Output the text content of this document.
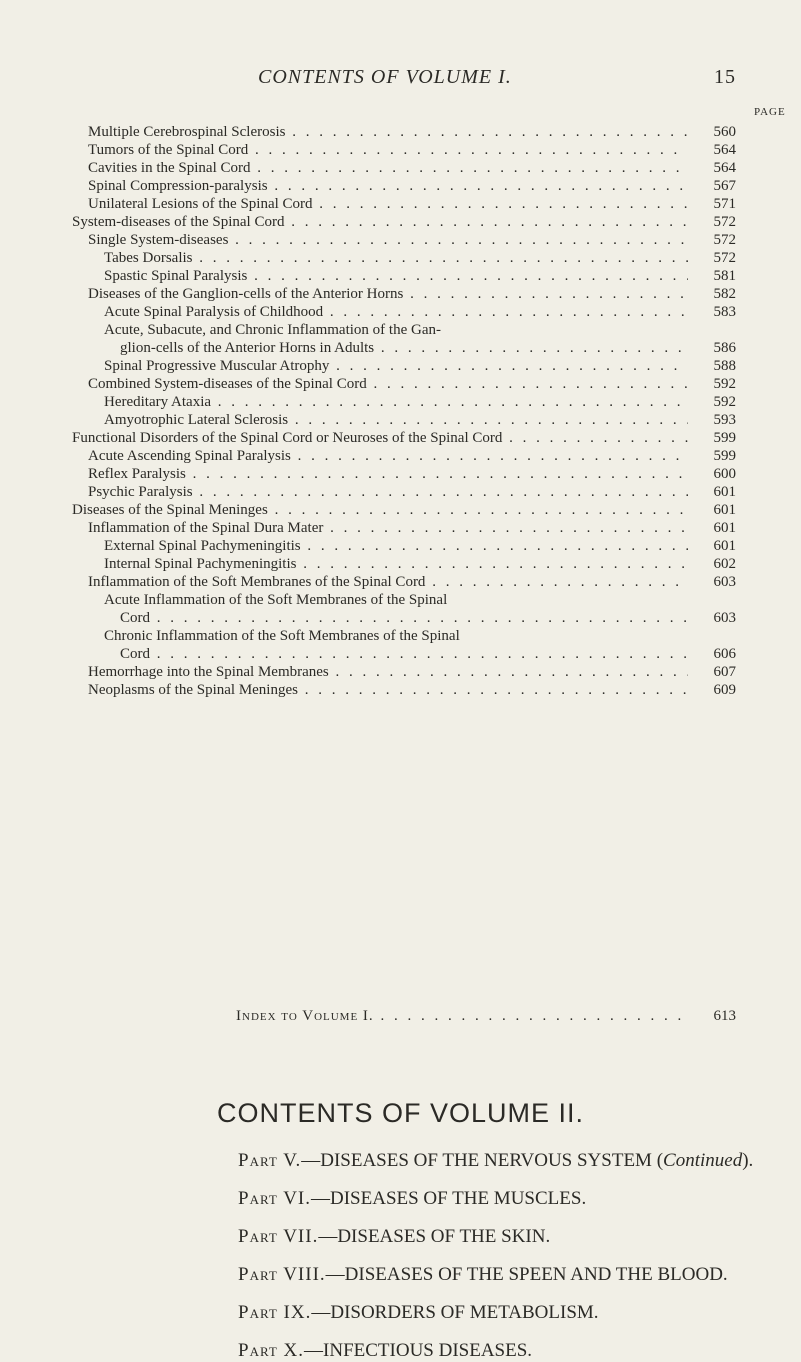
CONTENTS OF VOLUME I.	15
PAGE
Multiple Cerebrospinal Sclerosis . . .	560
Tumors of the Spinal Cord . . .	564
Cavities in the Spinal Cord . . .	564
Spinal Compression-paralysis . . .	567
Unilateral Lesions of the Spinal Cord . . .	571
System-diseases of the Spinal Cord . . .	572
Single System-diseases . . .	572
Tabes Dorsalis . . .	572
Spastic Spinal Paralysis . . .	581
Diseases of the Ganglion-cells of the Anterior Horns . . .	582
Acute Spinal Paralysis of Childhood . . .	583
Acute, Subacute, and Chronic Inflammation of the Gan-
glion-cells of the Anterior Horns in Adults . . .	586
Spinal Progressive Muscular Atrophy . . .	588
Combined System-diseases of the Spinal Cord . . .	592
Hereditary Ataxia . . .	592
Amyotrophic Lateral Sclerosis . . .	593
Functional Disorders of the Spinal Cord or Neuroses of the Spinal Cord . . .	599
Acute Ascending Spinal Paralysis . . .	599
Reflex Paralysis . . .	600
Psychic Paralysis . . .	601
Diseases of the Spinal Meninges . . .	601
Inflammation of the Spinal Dura Mater . . .	601
External Spinal Pachymeningitis . . .	601
Internal Spinal Pachymeningitis . . .	602
Inflammation of the Soft Membranes of the Spinal Cord . . .	603
Acute Inflammation of the Soft Membranes of the Spinal
Cord . . .	603
Chronic Inflammation of the Soft Membranes of the Spinal
Cord . . .	606
Hemorrhage into the Spinal Membranes . . .	607
Neoplasms of the Spinal Meninges . . .	609
Index to Volume I. . . .	613
CONTENTS OF VOLUME II.
Part V.—DISEASES OF THE NERVOUS SYSTEM (Continued).
Part VI.—DISEASES OF THE MUSCLES.
Part VII.—DISEASES OF THE SKIN.
Part VIII.—DISEASES OF THE SPEEN AND THE BLOOD.
Part IX.—DISORDERS OF METABOLISM.
Part X.—INFECTIOUS DISEASES.
